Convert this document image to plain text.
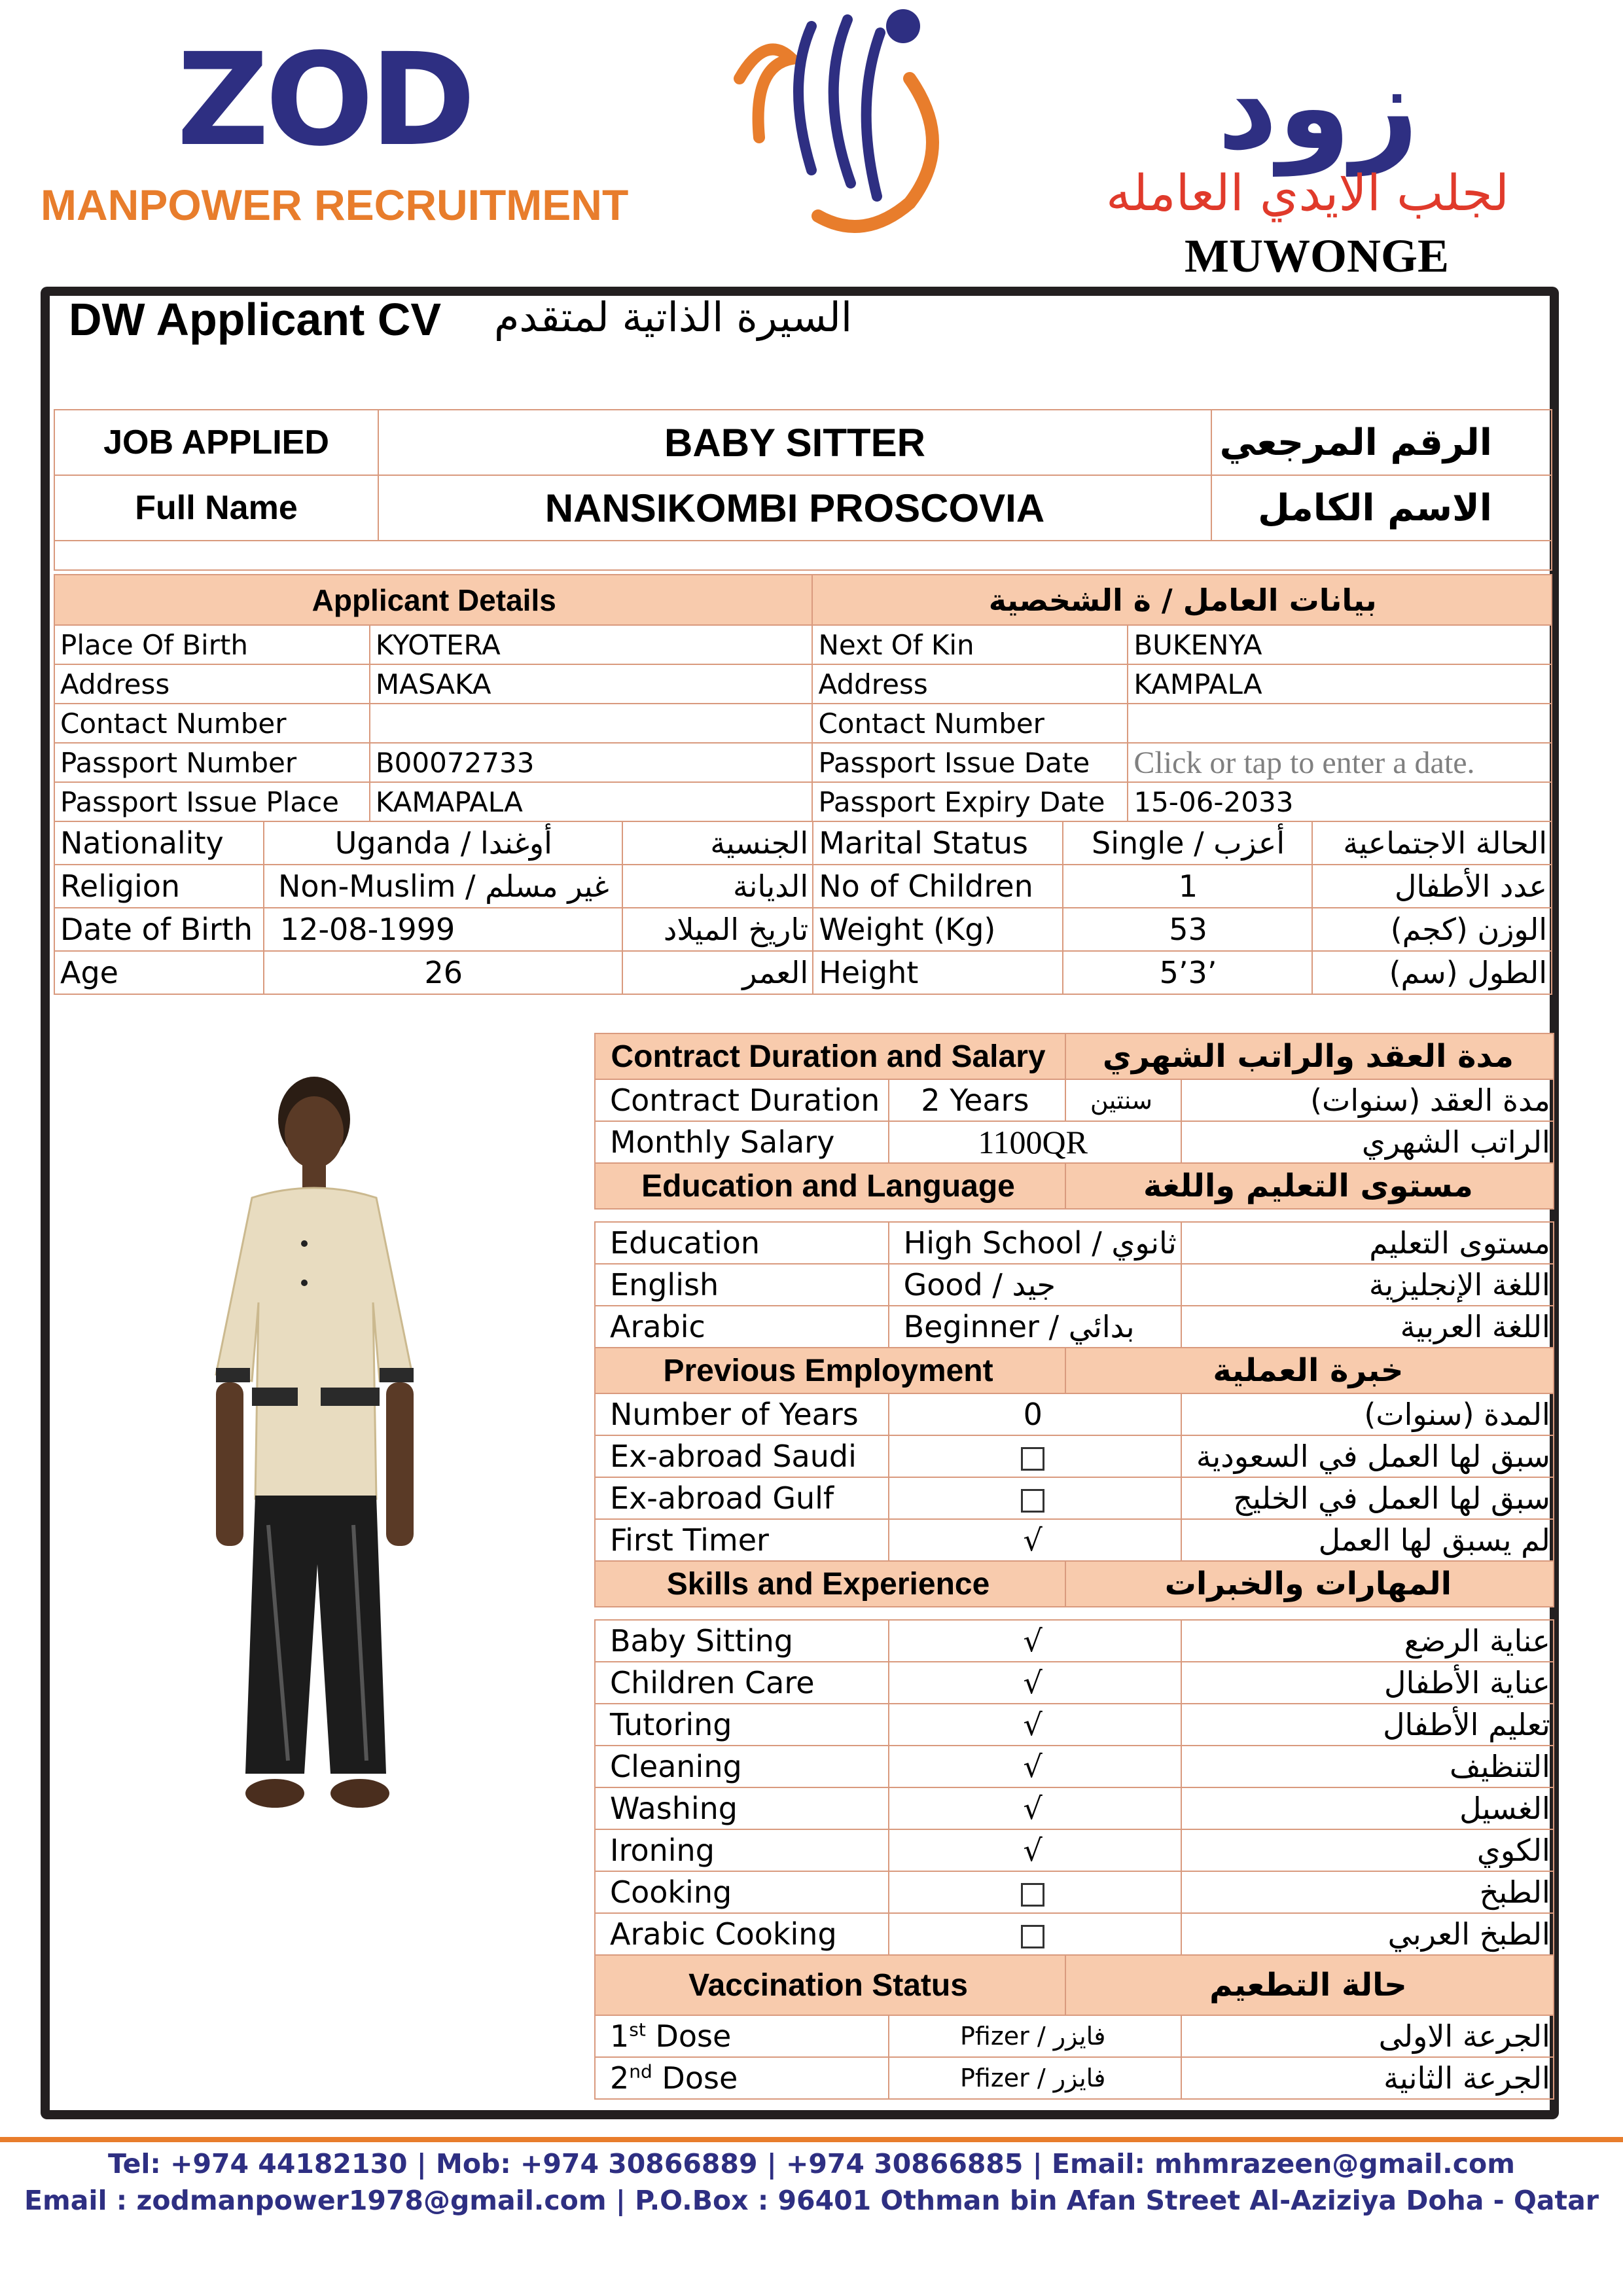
ZOD
MANPOWER RECRUITMENT
زود
لجلب الايدي العامله
MUWONGE
DW Applicant CV السيرة الذاتية لمتقدم
JOB APPLIED	BABY SITTER	الرقم المرجعي
Full Name	NANSIKOMBI PROSCOVIA	الاسم الكامل

Applicant Details		بيانات العامل / ة الشخصية	
Place Of Birth	KYOTERA	Next Of Kin	BUKENYA
Address	MASAKA	Address	KAMPALA
Contact Number		Contact Number	
Passport Number	B00072733	Passport Issue Date	Click or tap to enter a date.
Passport Issue Place	KAMAPALA	Passport Expiry Date	15-06-2033
Nationality	Uganda / أوغندا	الجنسية	Marital Status	Single / أعزب	الحالة الاجتماعية
Religion	Non-Muslim / غير مسلم	الديانة	No of Children	1	عدد الأطفال
Date of Birth	12-08-1999	تاريخ الميلاد	Weight (Kg)	53	الوزن (كجم)
Age	26	العمر	Height	5’3’	الطول (سم)
Contract Duration and Salary		مدة العقد والراتب الشهري	
Contract Duration	2 Years	سنتين	مدة العقد (سنوات)
Monthly Salary	1100QR		الراتب الشهري
Education and Language		مستوى التعليم واللغة	

Education	High School / ثانوي		مستوى التعليم
English	Good / جيد		اللغة الإنجليزية
Arabic	Beginner / بدائي		اللغة العربية
Previous Employment		خبرة العملية	
Number of Years	0		المدة (سنوات)
Ex-abroad Saudi			سبق لها العمل في السعودية
Ex-abroad Gulf			سبق لها العمل في الخليج
First Timer	√		لم يسبق لها العمل
Skills and Experience		المهارات والخبرات	

Baby Sitting	√		عناية الرضع
Children Care	√		عناية الأطفال
Tutoring	√		تعليم الأطفال
Cleaning	√		التنظيف
Washing	√		الغسيل
Ironing	√		الكوي
Cooking			الطبخ
Arabic Cooking			الطبخ العربي
Vaccination Status		حالة التطعيم	
1st Dose	Pfizer / فايزر		الجرعة الاولى
2nd Dose	Pfizer / فايزر		الجرعة الثانية
Tel: +974 44182130 | Mob: +974 30866889 | +974 30866885 | Email: mhmrazeen@gmail.com
Email : zodmanpower1978@gmail.com | P.O.Box : 96401 Othman bin Afan Street Al-Aziziya Doha - Qatar
